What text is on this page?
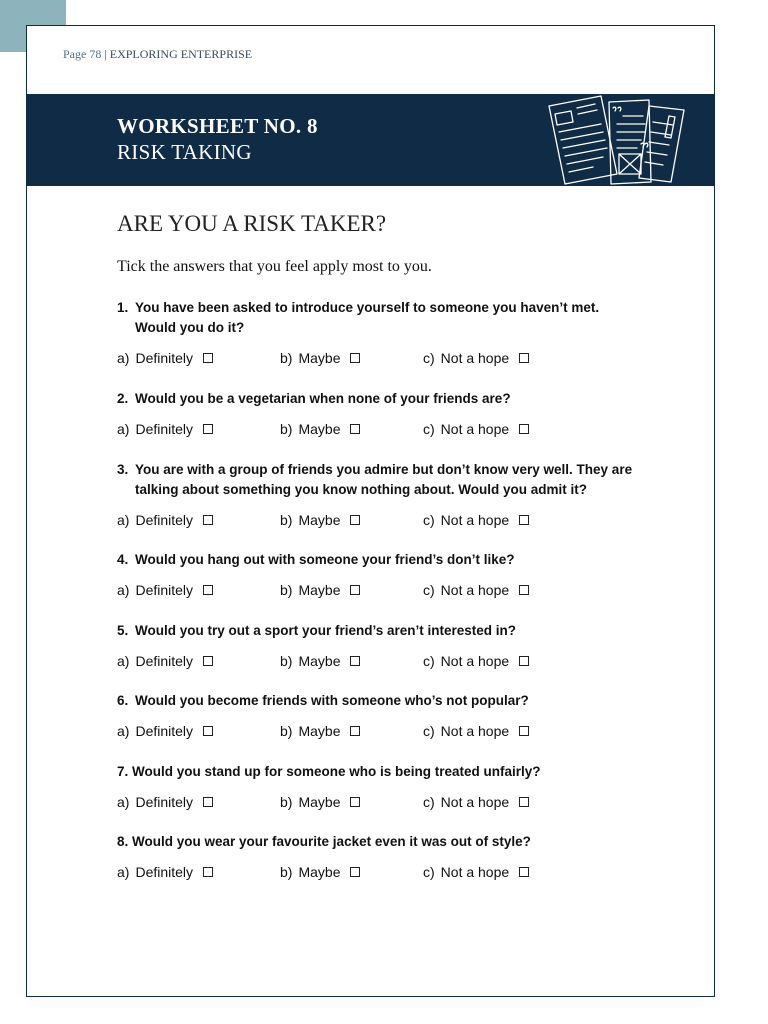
Page 78 | EXPLORING ENTERPRISE
WORKSHEET NO. 8
RISK TAKING
ARE YOU A RISK TAKER?
Tick the answers that you feel apply most to you.
1. You have been asked to introduce yourself to someone you haven’t met. Would you do it?
a) Definitely	b) Maybe	c) Not a hope
2. Would you be a vegetarian when none of your friends are?
a) Definitely	b) Maybe	c) Not a hope
3. You are with a group of friends you admire but don’t know very well. They are talking about something you know nothing about. Would you admit it?
a) Definitely	b) Maybe	c) Not a hope
4. Would you hang out with someone your friend’s don’t like?
a) Definitely	b) Maybe	c) Not a hope
5. Would you try out a sport your friend’s aren’t interested in?
a) Definitely	b) Maybe	c) Not a hope
6. Would you become friends with someone who’s not popular?
a) Definitely	b) Maybe	c) Not a hope
7. Would you stand up for someone who is being treated unfairly?
a) Definitely	b) Maybe	c) Not a hope
8. Would you wear your favourite jacket even it was out of style?
a) Definitely	b) Maybe	c) Not a hope
